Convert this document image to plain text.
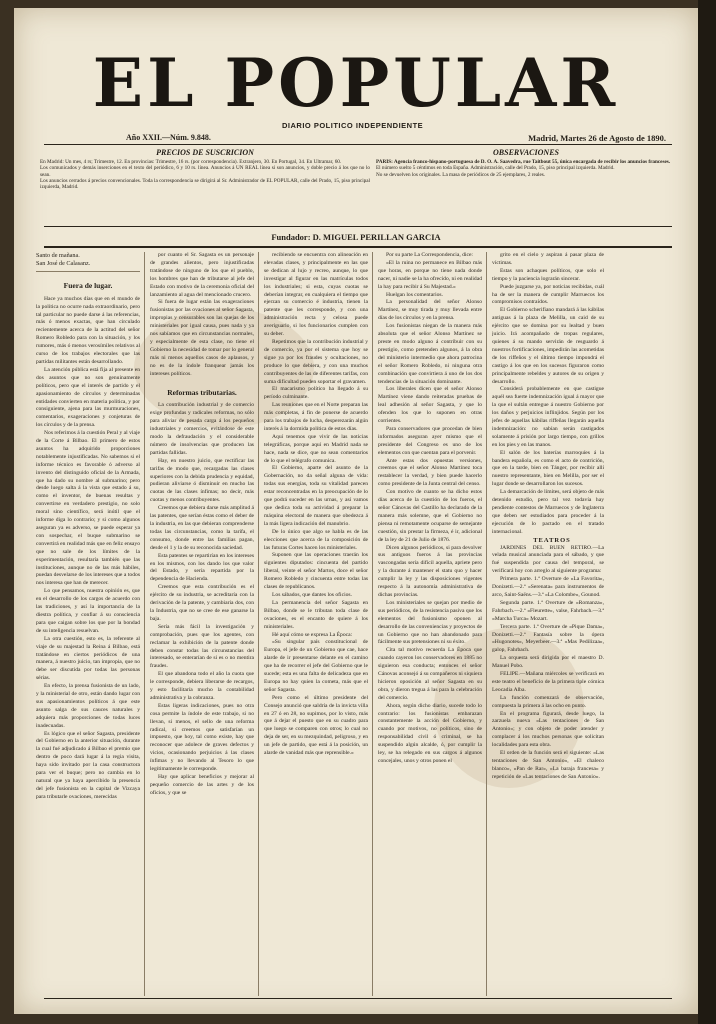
EL POPULAR
DIARIO POLITICO INDEPENDIENTE
Año XXII.—Núm. 9.848.	Madrid, Martes 26 de Agosto de 1890.
PRECIOS DE SUSCRICION
En Madrid: Un mes, 4 rs; Trimestre, 12. En provincias: Trimestre, 16 rs. (por correspondencia). Extranjero, 30. En Portugal, 34. En Ultramar, 60.
Los comunicados y demás inserciones en el texto del periódico, 6 y 10 rs. línea. Anuncios á UN REAL línea si son anuncios, y doble precio á los que no lo sean.
Los anuncios cerrados á precios convencionales. Toda la correspondencia se dirigirá al Sr. Administrador de EL POPULAR, calle del Prado, 15, piso principal izquierda, Madrid.
OBSERVACIONES
PARIS: Agencia franco-hispano-portuguesa de D. O. A. Saavedra, rue Taitbout 55, única encargada de recibir los anuncios franceses.
El número suelto 5 céntimos en toda España. Administración, calle del Prado, 15, piso principal izquierda. Madrid.
No se devuelven los originales. La masa de periódicos de 25 ejemplares, 2 reales.
Fundador: D. MIGUEL PERILLAN GARCIA

Santo de mañana.
San José de Calasanz.

Fuera de lugar.

Hace ya muchos días que en el mundo de la política no ocurre nada extraordinario, pero tal particular no puede darse á las referencias, más ó menos exactas, que han circulado recientemente acerca de la actitud del señor Romero Robledo para con la situación, y los rumores, más ó menos verosímiles relativos al curso de los trabajos electorales que las partidas militantes están desarrollando.

La atención pública está fija al presente en dos asuntos que no son genuinamente políticos, pero que el interés de partido y el apasionamiento de círculos y determinadas entidades convierten en materia política, y por consiguiente, ajena para las murmuraciones, comentarios, exageraciones y conjeturas de los círculos y de la prensa.

Nos referimos á la cuestión Peral y al viaje de la Corte á Bilbao. El primero de estos asuntos ha adquirido proporciones notablemente injustificadas. No sabemos si el informe técnico es favorable ó adverso al invento del distinguido oficial de la Armada, que ha dado su nombre al submarino; pero desde luego salta á la vista que estado á su, como el inventor, de buenas resultas y convertirse en verdadero prestigio, no solo moral sino científico, será inútil que el informe diga lo contrario; y si como algunos aseguran ya es adverso, se puede esperar ya con sospechar, el buque submarino se convertirá en realidad más que en feliz ensayo que no sale de los límites de la experimentación, resultaría también que las instituciones, aunque no de las más hábiles, puedan desvelarse de los intereses que a todos nos interesa que han de merecer.

Lo que pensamos, nuestra opinión es, que en el desarrollo de los cargos de acuerdo con las tradiciones, y así la importancia de la diestra política, y confiar á su consciencia para que caigan sobre los que por la bondad de su inteligencia resuelvan.

La otra cuestión, esto es, la referente al viaje de su majestad la Reina á Bilbao, está tratándose en ciertos periódicos de una manera, á nuestro juicio, tan impropia, que no debe ser discutida por todas las personas sérias.

En efecto, la prensa fusionista de un lado, y la ministerial de otro, están dando lugar con sus apasionamientos políticos á que este asunto salga de sus cauces naturales y adquiera más proporciones de todas luces inadecuadas.

Es lógico que el señor Sagasta, presidente del Gobierno en la anterior situación, durante la cual fué adjudicado á Bilbao el premio que dentro de poco dará lugar á la regia visita, haya sido invitado por la casa constructora para ver el buque; pero no cambia en lo natural que ya haya apercibido la presencia del jefe fusionista en la capital de Vizcaya para tributarle ovaciones, merecidas

por cuanto el Sr. Sagasta es un personaje de grandes alientos, pero injustificadas tratándose de ninguno de los que el pueblo, los hombres que han de tributarse al jefe del Estado con motivo de la ceremonia oficial del lanzamiento al agua del mencionado crucero.

Si fuera de lugar están las exageraciones fusionistas por las ovaciones al señor Sagasta, impropias y censurables son las quejas de los ministeriales por igual causa, pues nada y ya nos sabíamos que en circunstancias normales, y especialmente de esta clase, no tiene el Gobierno la necesidad de tomar por lo general más ni menos aquellos casos de aplausos, y no es de la índole franquear jamás los intereses políticos.

Reformas tributarias.

La contribución industrial y de comercio exige profundas y radicales reformas, no sólo para aliviar de pesada carga á los pequeños industriales y comercios, evitándose de este modo la defraudación y el considerable número de insolvencias que producen las partidas fallidas.

Hay, en nuestro juicio, que rectificar las tarifas de modo que, recargadas las clases superiores con la debida prudencia y equidad, pudieran aliviarse ó disminuir en mucho las cuotas de las clases ínfimas; no decir, más cuotas y menos contribuyentes.

Creemos que debiera darse más amplitud á las patentes, que serían éstas como el deber de la industria, en las que debieran comprenderse todas las circunstancias, como la tarifa, el consumo, donde entre las familias pagan, desde el 1 y la de su reconocida saciedad.

Esta patentes se repartirían en los intereses en los mismos, con los dando los que valor del Estado, y sería repartida por la dependencia de Hacienda.

Creemos que esta contribución es el ejército de su industria, se acreditaría con la derivación de la patente, y cambiaria dos, con la Industria, que no se cree de ese ganarse la baja.

Sería más fácil la investigación y comprobación, pues que los agentes, con reclamar la exhibición de la patente donde deben constar todas las circunstancias del interesado, se enterarían de si es o no mentira fraudes.

El que abandona todo el año la cuota que le corresponde, debiera liberarse de recargos, y esto facilitaría mucho la contabilidad administrativa y la cobranza.

Estas ligeras indicaciones, pues no otra cosa permite la índole de este trabajo, si no llevan, si menos, el sello de una reforma radical, sí creemos que satisfarían un impuesto, que hoy, tal como existe, hay que reconocer que adolece de graves defectos y vicios, ocasionando perjuicios á las clases ínfimas y no llevando al Tesoro lo que legítimamente le corresponde.

Hay que aplicar beneficios y mejorar al pequeño comercio de las artes y de los oficios, y que se

recibiendo se encuentra con alineación en elevadas clases, y principalmente en las que se dedican al lujo y recreo, aunque, lo que investigar al figurar en las matrículas todos los industriales; si esta, cuyas cuotas se deberían integrar, en cualquiera el tiempo que ejerzan su comercio é industria, tienen la patente que les corresponde, y con una administración recta y celosa puede averiguarlo, si los funcionarios cumplen con su deber.

Repetimos que la contribución industrial y de comercio, ya por el sistema que hoy se sigue ya por los fraudes y ocultaciones, no produce lo que debiera, y con una muchos contribuyentes de las de diferentes tarifas, con suma dificultad pueden soportar el gravamen.

El macarismo político ha llegado á su período culminante.

Las reuniones que en el Norte preparan las más completas, á fin de ponerse de acuerdo para los trabajos de lucha, desperezarán algún interés á la dormida política de estos días.

Aquí tenemos que vivir de las noticias telegráficas, porque aquí en Madrid nada se hace, nada se dice, que no sean comentarios de lo que el telégrafo comunica.

El Gobierno, aparte del asunto de la Gobernación, no da señal alguna de vida: todas sus energías, toda su vitalidad parecen estar reconcentradas en la preocupación de lo que podrá suceder en las urnas, y así vamos que dedica toda su actividad á preparar la máquina electoral de manera que obedezca á la más ligera indicación del manubrio.

De lo único que algo se habla es de las elecciones que acerca de la composición de las futuras Cortes hacen los ministeriales.

Suponen que las operaciones traerán los siguientes diputados: cincuenta del partido liberal, veinte el señor Martos, doce el señor Romero Robledo y cincuenta entre todas las clases de republicanos.

Los sábados, que dantes los oficios.

La permanencia del señor Sagasta en Bilbao, donde se le tributan toda clase de ovaciones, es el encanto de quiere á los ministeriales.

Hé aquí cómo se expresa La Época:

«Su singular país constitucional de Europa, el jefe de un Gobierno que cae, hace alarde de ir presentarse delante en el camino que ha de recorrer el jefe del Gobierno que le sucede; esta es una falta de delicadeza que en Europa no hay quien la cometa, más que el señor Sagasta.

Pero como el último presidente del Consejo anunció que saldría de la invicta villa en 27 ó en 28, no supimos, por lo visto, más que á dejar el puesto que en su cuadro para que luego se comparen con otros; lo cual no deja de ser, en su mezquindad, peligroso, y en un jefe de partido, que está á la posición, un alarde de vanidad más que reprensible.»

Por su parte La Correspondencia, dice:

«El la ruina no permanece en Bilbao más que horas, en porque no tiene nada donde nacer, ni nadie se la ha ofrecido, ni en realidad la hay para recibir á Su Majestad.»

Huelgan los comentarios.

La personalidad del señor Alonso Martínez, se muy tirada y muy llevada entre días de los círculos y en la prensa.

Los fusionistas niegan de la manera más absoluta que el señor Alonso Martínez se preste en modo alguno á contribuir con su prestigio, como pretenden algunos, á la obra del ministerio intermedio que ahora patrocina el señor Romero Robledo, ni ninguna otra combinación que convirtiera á uno de los dos tendencias de la situación dominante.

Los liberales dicen que el señor Alonso Martínez viene dando reiteradas pruebas de leal adhesión al señor Sagasta, y que lo ofenden los que lo suponen en otras corrientes.

Para conservadores que procedan de bien informados aseguran ayer mismo que el presidente del Congreso es uno de los elementos con que cuentan para el porvenir.

Ante estas dos opuestas versiones, creemos que el señor Alonso Martínez toca restablecer la verdad, y bien puede hacerlo como presidente de la Junta central del censo.

Con motivo de cuanto se ha dicho estos días acerca de la cuestión de los fueros, el señor Cánovas del Castillo ha declarado de la manera más solemne, que el Gobierno no piensa ni remotamente ocuparse de semejante cuestión, sin prestar la firmeza, é ir, adicional de la ley de 21 de Julio de 1876.

Dicen algunos periódicos, si para devolver sus antiguos fueros á las provincias vascongadas sería difícil aquella, apriete pero y la durante á mantener el statu quo y hacer cumplir la ley y las disposiciones vigentes respecto á la autonomía administrativa de dichas provincias.

Los ministeriales se quejan por medio de sus periódicos, de la resistencia pasiva que los elementos del fusionismo oponen al desarrollo de las conveniencias y proyectos de un Gobierno que no han abandonado para fácilmente sus pretensiones ni su éxito.

Cita tal motivo recuerda La Época que cuando cayeron los conservadores en 1885 no siguieron esa conducta; entonces el señor Cánovas aconsejó á su compañeros ni siquiera hicieron oposición al señor Sagasta en su obra, y dieron tregua á las para la celebración del comercio.

Ahora, según dicho diario, sucede todo lo contrario: los fusionistas embarazan constantemente la acción del Gobierno, y cuando por motivos, no políticos, sino de responsabilidad civil ó criminal, se ha suspendido algún alcalde, ó, por cumplir la ley, se ha relegado en sus cargos á algunos concejales, unos y otros ponen el

grito en el cielo y aspiran á pasar plaza de víctimas.

Estas son achaques políticos, que solo el tiempo y la paciencia lograrán sincerar.

Puede juzgarse ya, por noticias recibidas, cuál ha de ser la manera de cumplir Marruecos los compromisos contraídos.

El Gobierno scherifiano mandará á las kábilas antiguas á la plaza de Melilla, un caid de su ejército que se domina por su lealtad y buen juicio. Irá acompañado de tropas regulares, quienes á su mando servirán de resguardo á nuestros fortificaciones, impedirán las acometidas de los riffeños y el último tiempo impondrá el castigo á los que en los sucesos figuraron como principalmente rebeldes y autores de su origen y desarrollo.

Considerá probablemente en que castigue aquél sea fuerte indemnización igual á mayor que la que el sultán entregue á nuestro Gobierno por los daños y perjuicios inflinjidos. Según por los jefes de aquellas kábilas riffeñas llegarán aquella indemnización: no sabían serán castigados solamente á prisión por largo tiempo, con grillos en los pies y en las manos.

El salón de los baterías marroquíes á la bandera española, es como el acto de contrición, que en la tarde, bien en Tánger, por recibir allí nuestro representante, bien en Melilla, por ser el lugar donde se desarrollaron los sucesos.

La demarcación de límites, será objeto de más detenido estudio, pero tal vez todavía hay pendiente contestos de Marruecos y de Inglaterra que deben ser estudiados para proceder á la ejecución de lo pactado en el tratado internacional.

TEATROS

JARDINES DEL BUEN RETIRO.—La velada musical anunciada para el sábado, y que fué suspendida por causa del temporal, se verificará hoy con arreglo al siguiente programa:

Primera parte. 1.ª Overture de «La Favorita», Donizetti.—2.ª «Serenata» para instrumentos de arco, Saint-Saëns.—3.ª «La Colombe», Gounod.

Segunda parte. 1.ª Overture de «Romanza», Fahrbach.—2.ª «Fleurette», valse, Fahrbach.—3.ª «Marcha Turca» Mozart.

Tercera parte. 1.ª Overture de «Pique Dama», Donizetti.—2.ª Fantasía sobre la ópera «Hugonotes», Meyerbeer.—3.ª «Mas Pedilizaa», galop, Fahrbach.

La orquesta será dirigida por el maestro D. Manuel Pobo.

FELIPE.—Mañana miércoles se verificará en este teatro el beneficio de la primera tiple cómica Leocadia Alba.

La función comenzará de observación, compuesta la primera á las ocho en punto.

En el programa figurará, desde luego, la zarzuela nueva «Las tentaciones de San Antonio»; y con objeto de poder atender y complacer á los muchos personas que solicitan localidades para esta obra.

El orden de la función será el siguiente: «Las tentaciones de San Antonio», «El chaleco blanco», «Pan de Rar», «La baraja francesa» y repetición de «Las tentaciones de San Antonio».
